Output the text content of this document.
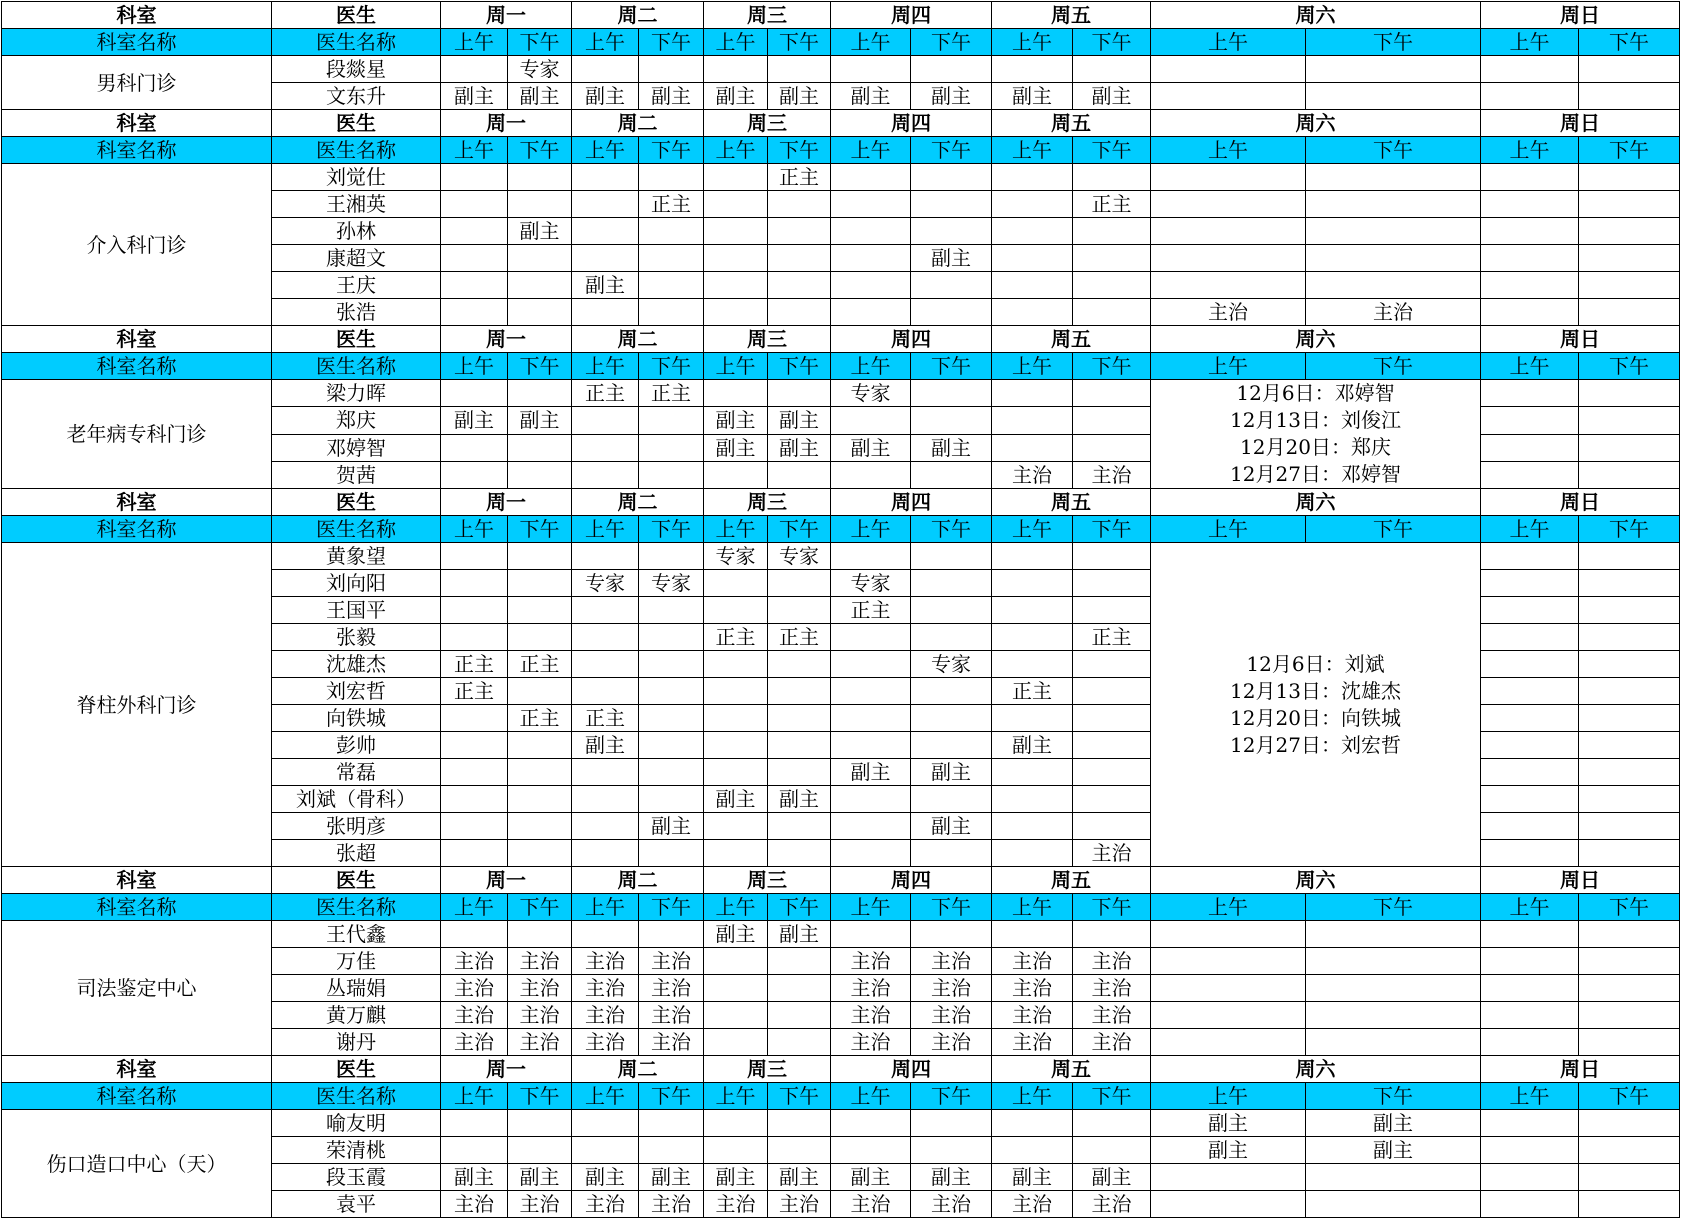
科室	医生	周一		周二		周三		周四		周五		周六		周日	
科室名称	医生名称	上午	下午	上午	下午	上午	下午	上午	下午	上午	下午	上午	下午	上午	下午
男科门诊	段燚星		专家												
	文东升	副主	副主	副主	副主	副主	副主	副主	副主	副主	副主				
科室	医生	周一		周二		周三		周四		周五		周六		周日	
科室名称	医生名称	上午	下午	上午	下午	上午	下午	上午	下午	上午	下午	上午	下午	上午	下午
介入科门诊	刘觉仕						正主								
	王湘英				正主						正主				
	孙林		副主												
	康超文								副主						
	王庆			副主											
	张浩											主治	主治		
科室	医生	周一		周二		周三		周四		周五		周六		周日	
科室名称	医生名称	上午	下午	上午	下午	上午	下午	上午	下午	上午	下午	上午	下午	上午	下午
老年病专科门诊	梁力晖			正主	正主			专家				12月6日：邓婷智
12月13日：刘俊江
12月20日：郑庆
12月27日：邓婷智			

	郑庆	副主	副主			副主	副主								
	邓婷智					副主	副主	副主	副主						
	贺茜									主治	主治				
科室	医生	周一		周二		周三		周四		周五		周六		周日	
科室名称	医生名称	上午	下午	上午	下午	上午	下午	上午	下午	上午	下午	上午	下午	上午	下午
脊柱外科门诊	黄象望					专家	专家					12月6日：刘斌
12月13日：沈雄杰
12月20日：向铁城
12月27日：刘宏哲			

	刘向阳			专家	专家			专家							
	王国平							正主							
	张毅					正主	正主				正主				
	沈雄杰	正主	正主						专家						
	刘宏哲	正主								正主					
	向铁城		正主	正主											
	彭帅			副主						副主					
	常磊							副主	副主						
	刘斌（骨科）					副主	副主								
	张明彦				副主				副主						
	张超										主治				
科室	医生	周一		周二		周三		周四		周五		周六		周日	
科室名称	医生名称	上午	下午	上午	下午	上午	下午	上午	下午	上午	下午	上午	下午	上午	下午
司法鉴定中心	王代鑫					副主	副主								
	万佳	主治	主治	主治	主治			主治	主治	主治	主治				
	丛瑞娟	主治	主治	主治	主治			主治	主治	主治	主治				
	黄万麒	主治	主治	主治	主治			主治	主治	主治	主治				
	谢丹	主治	主治	主治	主治			主治	主治	主治	主治				
科室	医生	周一		周二		周三		周四		周五		周六		周日	
科室名称	医生名称	上午	下午	上午	下午	上午	下午	上午	下午	上午	下午	上午	下午	上午	下午
伤口造口中心（天）	喻友明											副主	副主		
	荣清桃											副主	副主		
	段玉霞	副主	副主	副主	副主	副主	副主	副主	副主	副主	副主				
	袁平	主治	主治	主治	主治	主治	主治	主治	主治	主治	主治				
